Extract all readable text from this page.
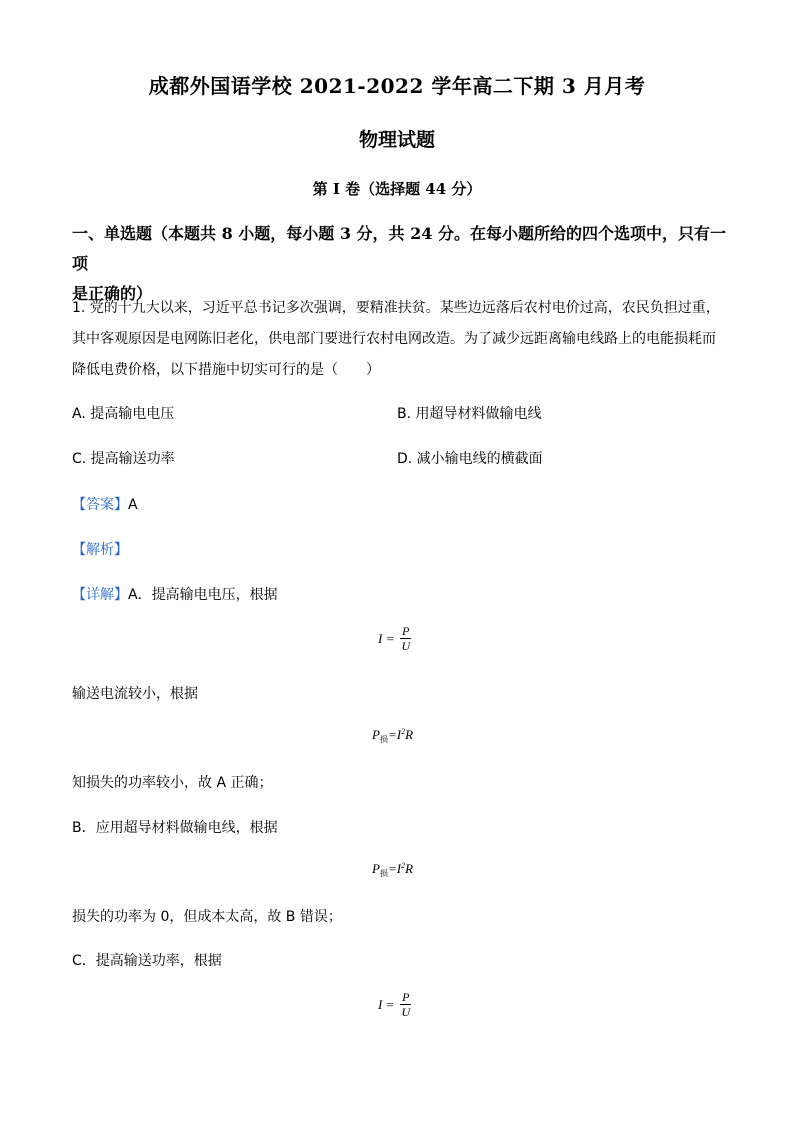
成都外国语学校 2021-2022 学年高二下期 3 月月考
物理试题
第 I 卷（选择题 44 分）
一、单选题（本题共 8 小题，每小题 3 分，共 24 分。在每小题所给的四个选项中，只有一项
是正确的）
1. 党的十九大以来，习近平总书记多次强调，要精准扶贫。某些边远落后农村电价过高，农民负担过重，
其中客观原因是电网陈旧老化，供电部门要进行农村电网改造。为了减少远距离输电线路上的电能损耗而
降低电费价格，以下措施中切实可行的是（　　）
A. 提高输电电压	B. 用超导材料做输电线
C. 提高输送功率	D. 减小输电线的横截面
【答案】A
【解析】
【详解】A．提高输电电压，根据
$I = \frac{P}{U}$
输送电流较小，根据
$P_损=I^2R$
知损失的功率较小，故 A 正确；
B．应用超导材料做输电线，根据
$P_损=I^2R$
损失的功率为 0，但成本太高，故 B 错误；
C．提高输送功率，根据
$I = \frac{P}{U}$
